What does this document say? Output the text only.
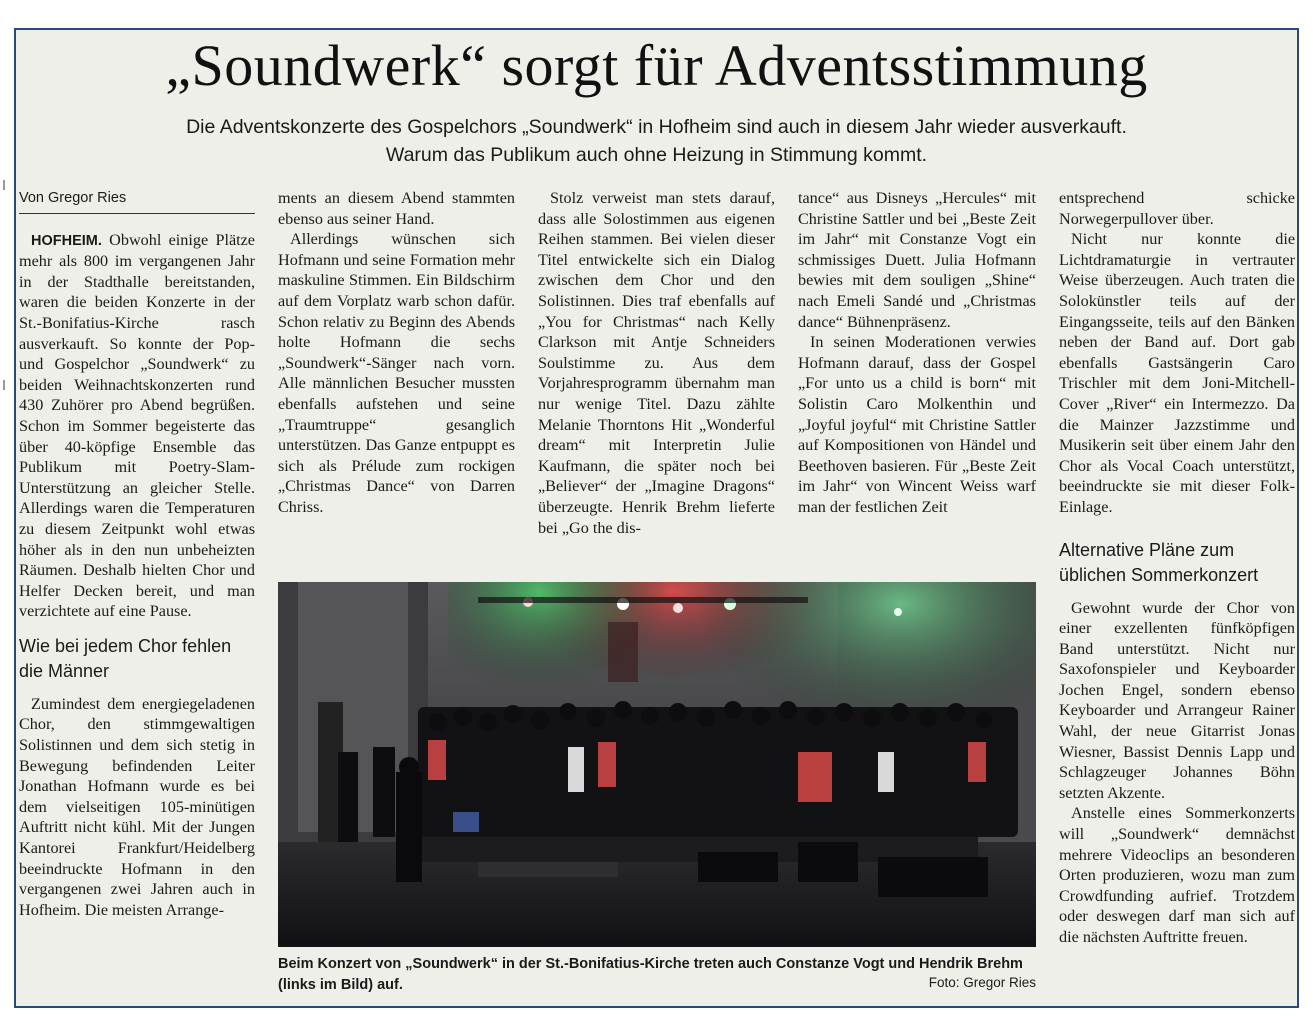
„Soundwerk“ sorgt für Adventsstimmung
Die Adventskonzerte des Gospelchors „Soundwerk“ in Hofheim sind auch in diesem Jahr wieder ausverkauft.
Warum das Publikum auch ohne Heizung in Stimmung kommt.
Von Gregor Ries

HOFHEIM. Obwohl einige Plätze mehr als 800 im vergangenen Jahr in der Stadthalle bereitstanden, waren die beiden Konzerte in der St.-Bonifatius-Kirche rasch ausverkauft. So konnte der Pop- und Gospelchor „Soundwerk“ zu beiden Weihnachtskonzerten rund 430 Zuhörer pro Abend begrüßen. Schon im Sommer begeisterte das über 40-köpfige Ensemble das Publikum mit Poetry-Slam-Unterstützung an gleicher Stelle. Allerdings waren die Temperaturen zu diesem Zeitpunkt wohl etwas höher als in den nun unbeheizten Räumen. Deshalb hielten Chor und Helfer Decken bereit, und man verzichtete auf eine Pause.

Wie bei jedem Chor fehlen die Männer

Zumindest dem energiegeladenen Chor, den stimmgewaltigen Solistinnen und dem sich stetig in Bewegung befindenden Leiter Jonathan Hofmann wurde es bei dem vielseitigen 105-minütigen Auftritt nicht kühl. Mit der Jungen Kantorei Frankfurt/Heidelberg beeindruckte Hofmann in den vergangenen zwei Jahren auch in Hofheim. Die meisten Arrange-

ments an diesem Abend stammten ebenso aus seiner Hand.

Allerdings wünschen sich Hofmann und seine Formation mehr maskuline Stimmen. Ein Bildschirm auf dem Vorplatz warb schon dafür. Schon relativ zu Beginn des Abends holte Hofmann die sechs „Soundwerk“-Sänger nach vorn. Alle männlichen Besucher mussten ebenfalls aufstehen und seine „Traumtruppe“ gesanglich unterstützen. Das Ganze entpuppt es sich als Prélude zum rockigen „Christmas Dance“ von Darren Chriss.

Stolz verweist man stets darauf, dass alle Solostimmen aus eigenen Reihen stammen. Bei vielen dieser Titel entwickelte sich ein Dialog zwischen dem Chor und den Solistinnen. Dies traf ebenfalls auf „You for Christmas“ nach Kelly Clarkson mit Antje Schneiders Soulstimme zu. Aus dem Vorjahresprogramm übernahm man nur wenige Titel. Dazu zählte Melanie Thorntons Hit „Wonderful dream“ mit Interpretin Julie Kaufmann, die später noch bei „Believer“ der „Imagine Dragons“ überzeugte. Henrik Brehm lieferte bei „Go the dis-

tance“ aus Disneys „Hercules“ mit Christine Sattler und bei „Beste Zeit im Jahr“ mit Constanze Vogt ein schmissiges Duett. Julia Hofmann bewies mit dem souligen „Shine“ nach Emeli Sandé und „Christmas dance“ Bühnenpräsenz.

In seinen Moderationen verwies Hofmann darauf, dass der Gospel „For unto us a child is born“ mit Solistin Caro Molkenthin und „Joyful joyful“ mit Christine Sattler auf Kompositionen von Händel und Beethoven basieren. Für „Beste Zeit im Jahr“ von Wincent Weiss warf man der festlichen Zeit

entsprechend schicke Norwegerpullover über.

Nicht nur konnte die Lichtdramaturgie in vertrauter Weise überzeugen. Auch traten die Solokünstler teils auf der Eingangsseite, teils auf den Bänken neben der Band auf. Dort gab ebenfalls Gastsängerin Caro Trischler mit dem Joni-Mitchell-Cover „River“ ein Intermezzo. Da die Mainzer Jazzstimme und Musikerin seit über einem Jahr den Chor als Vocal Coach unterstützt, beeindruckte sie mit dieser Folk-Einlage.

Alternative Pläne zum üblichen Sommerkonzert

Gewohnt wurde der Chor von einer exzellenten fünfköpfigen Band unterstützt. Nicht nur Saxofonspieler und Keyboarder Jochen Engel, sondern ebenso Keyboarder und Arrangeur Rainer Wahl, der neue Gitarrist Jonas Wiesner, Bassist Dennis Lapp und Schlagzeuger Johannes Böhn setzten Akzente.

Anstelle eines Sommerkonzerts will „Soundwerk“ demnächst mehrere Videoclips an besonderen Orten produzieren, wozu man zum Crowdfunding aufrief. Trotzdem oder deswegen darf man sich auf die nächsten Auftritte freuen.

Beim Konzert von „Soundwerk“ in der St.-Bonifatius-Kirche treten auch Constanze Vogt und Hendrik Brehm (links im Bild) auf.	Foto: Gregor Ries
